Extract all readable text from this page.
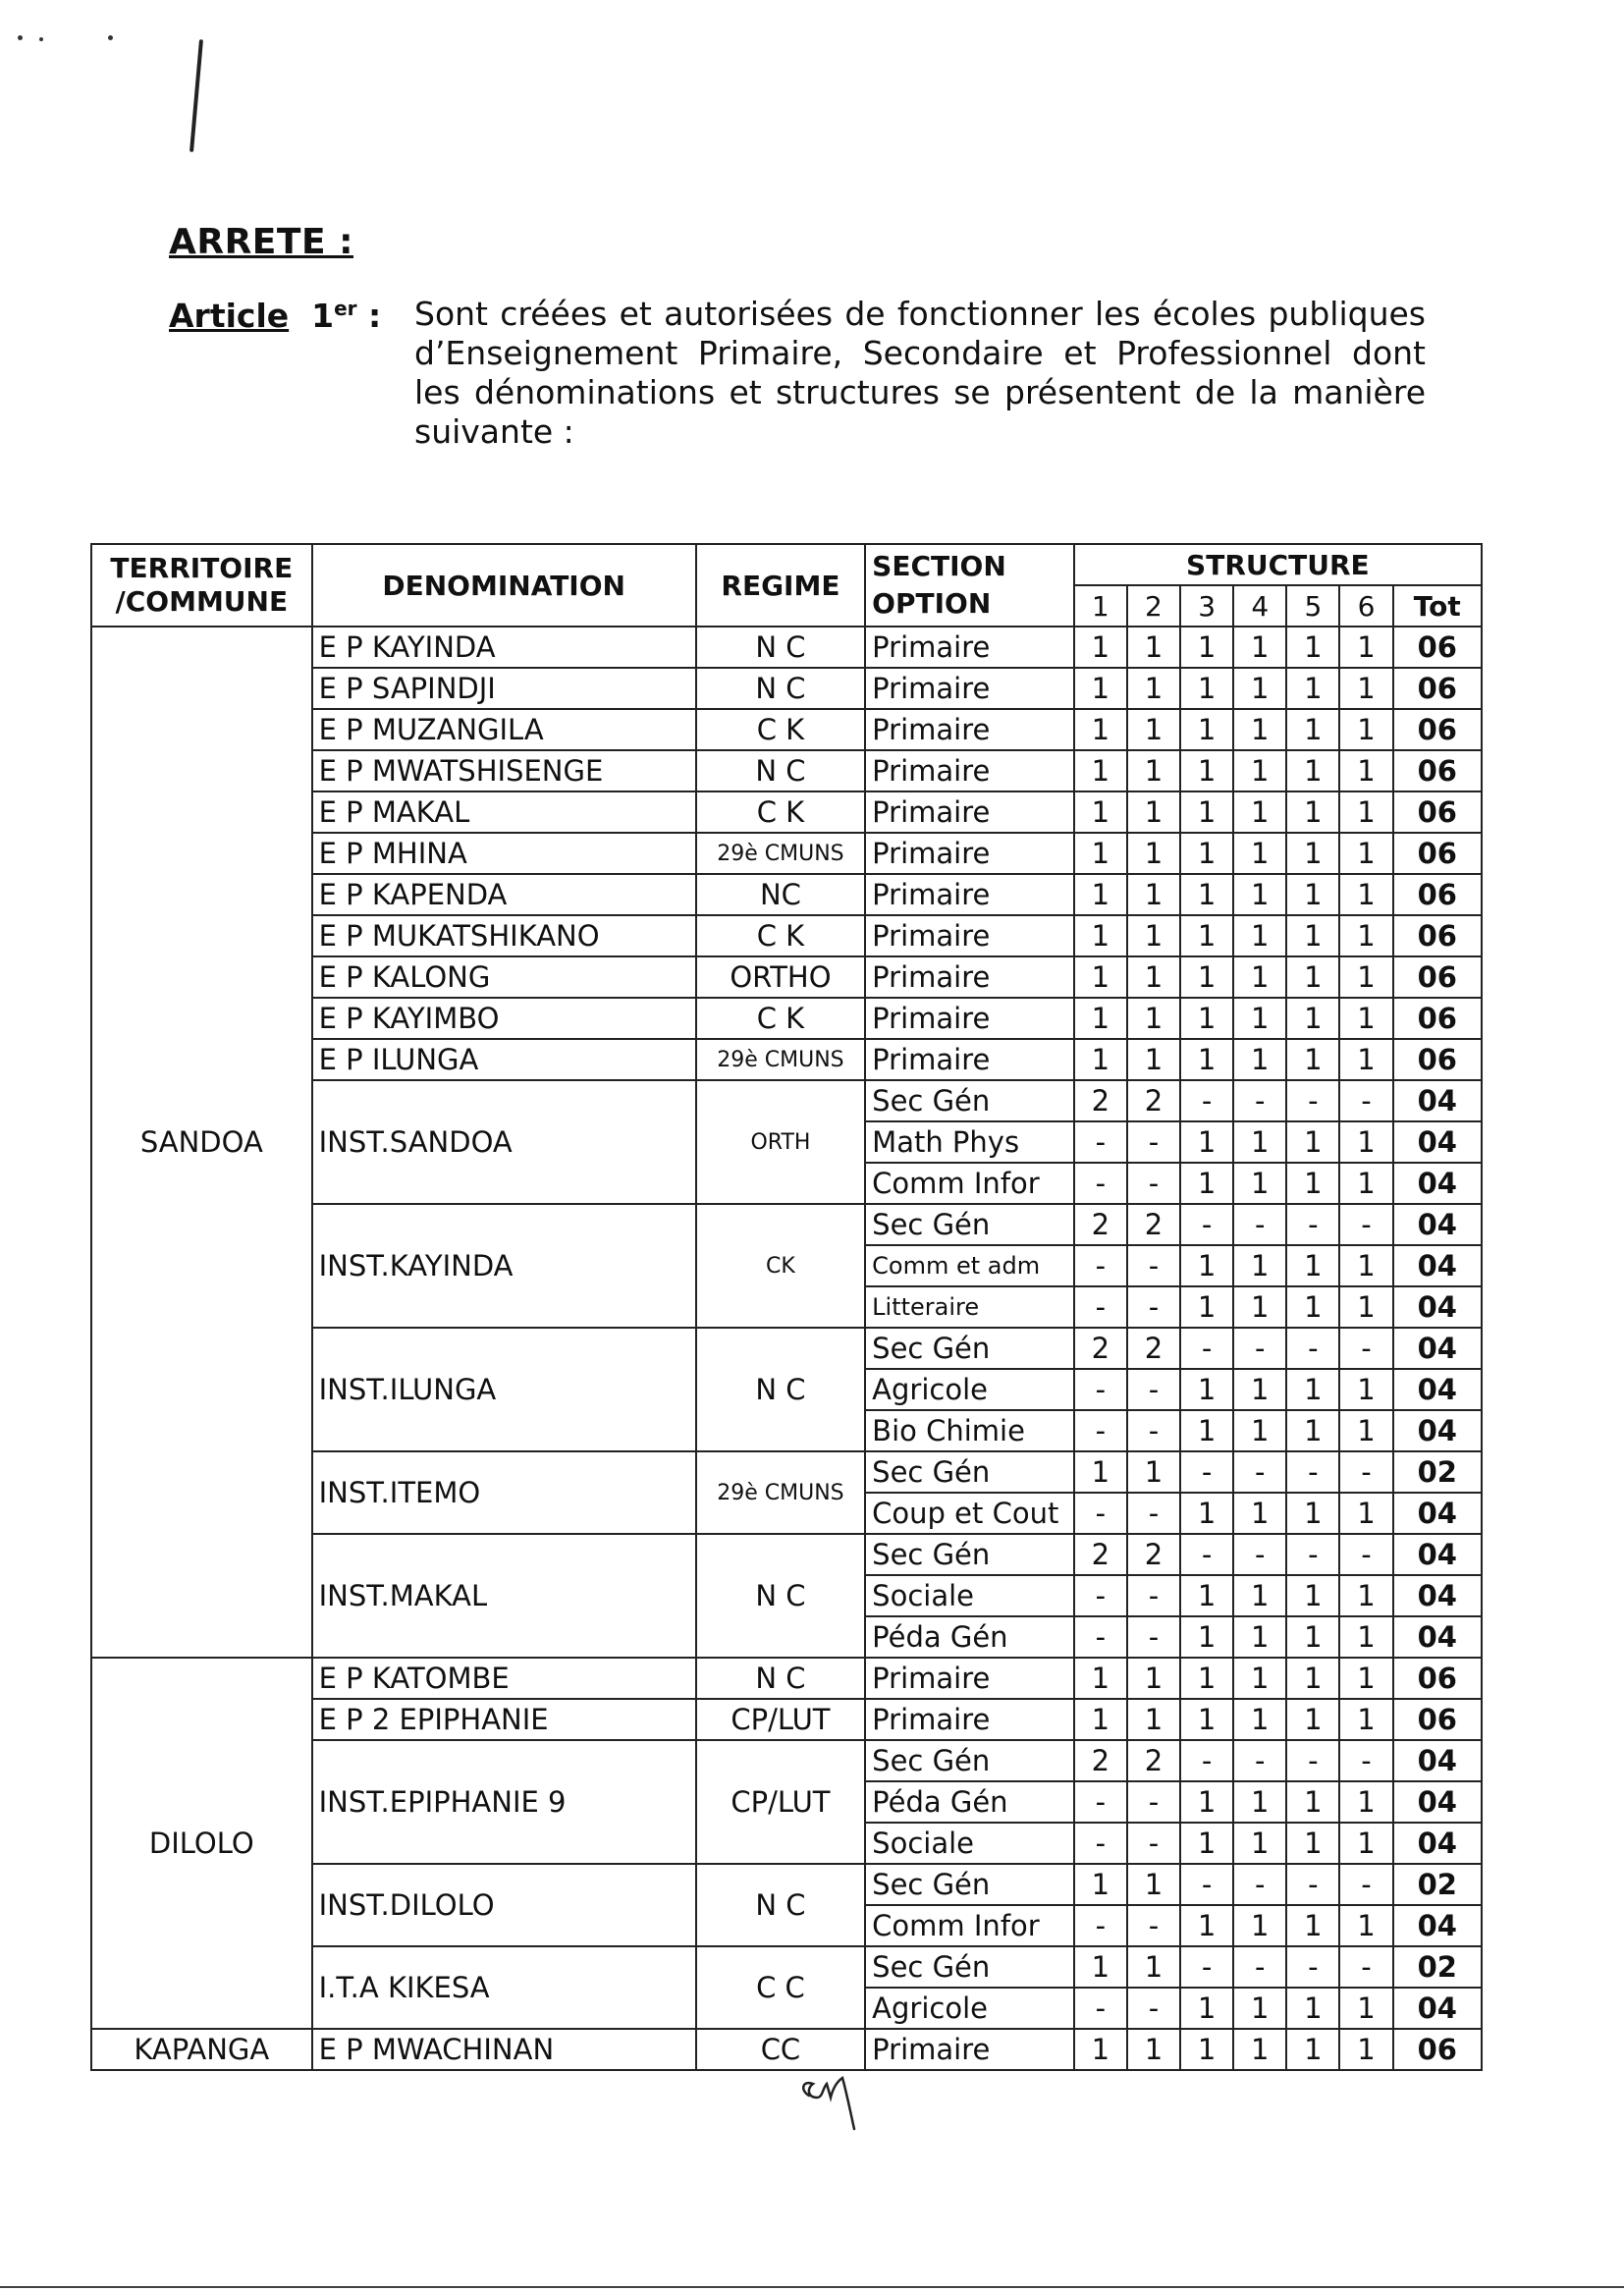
ARRETE :
Article 1er : Sont créées et autorisées de fonctionner les écoles publiques d’Enseignement Primaire, Secondaire et Professionnel dont les dénominations et structures se présentent de la manière suivante :
TERRITOIRE
/COMMUNE	DENOMINATION	REGIME	SECTION
OPTION	STRUCTURE						
				1	2	3	4	5	6	Tot
SANDOA	E P KAYINDA	N C	Primaire	1	1	1	1	1	1	06
	E P SAPINDJI	N C	Primaire	1	1	1	1	1	1	06
	E P MUZANGILA	C K	Primaire	1	1	1	1	1	1	06
	E P MWATSHISENGE	N C	Primaire	1	1	1	1	1	1	06
	E P MAKAL	C K	Primaire	1	1	1	1	1	1	06
	E P MHINA	29è CMUNS	Primaire	1	1	1	1	1	1	06
	E P KAPENDA	NC	Primaire	1	1	1	1	1	1	06
	E P MUKATSHIKANO	C K	Primaire	1	1	1	1	1	1	06
	E P KALONG	ORTHO	Primaire	1	1	1	1	1	1	06
	E P KAYIMBO	C K	Primaire	1	1	1	1	1	1	06
	E P ILUNGA	29è CMUNS	Primaire	1	1	1	1	1	1	06
	INST.SANDOA	ORTH	Sec Gén	2	2	-	-	-	-	04
			Math Phys	-	-	1	1	1	1	04
			Comm Infor	-	-	1	1	1	1	04
	INST.KAYINDA	CK	Sec Gén	2	2	-	-	-	-	04
			Comm et adm	-	-	1	1	1	1	04
			Litteraire	-	-	1	1	1	1	04
	INST.ILUNGA	N C	Sec Gén	2	2	-	-	-	-	04
			Agricole	-	-	1	1	1	1	04
			Bio Chimie	-	-	1	1	1	1	04
	INST.ITEMO	29è CMUNS	Sec Gén	1	1	-	-	-	-	02
			Coup et Cout	-	-	1	1	1	1	04
	INST.MAKAL	N C	Sec Gén	2	2	-	-	-	-	04
			Sociale	-	-	1	1	1	1	04
			Péda Gén	-	-	1	1	1	1	04
DILOLO	E P KATOMBE	N C	Primaire	1	1	1	1	1	1	06
	E P 2 EPIPHANIE	CP/LUT	Primaire	1	1	1	1	1	1	06
	INST.EPIPHANIE 9	CP/LUT	Sec Gén	2	2	-	-	-	-	04
			Péda Gén	-	-	1	1	1	1	04
			Sociale	-	-	1	1	1	1	04
	INST.DILOLO	N C	Sec Gén	1	1	-	-	-	-	02
			Comm Infor	-	-	1	1	1	1	04
	I.T.A KIKESA	C C	Sec Gén	1	1	-	-	-	-	02
			Agricole	-	-	1	1	1	1	04
KAPANGA	E P MWACHINAN	CC	Primaire	1	1	1	1	1	1	06
